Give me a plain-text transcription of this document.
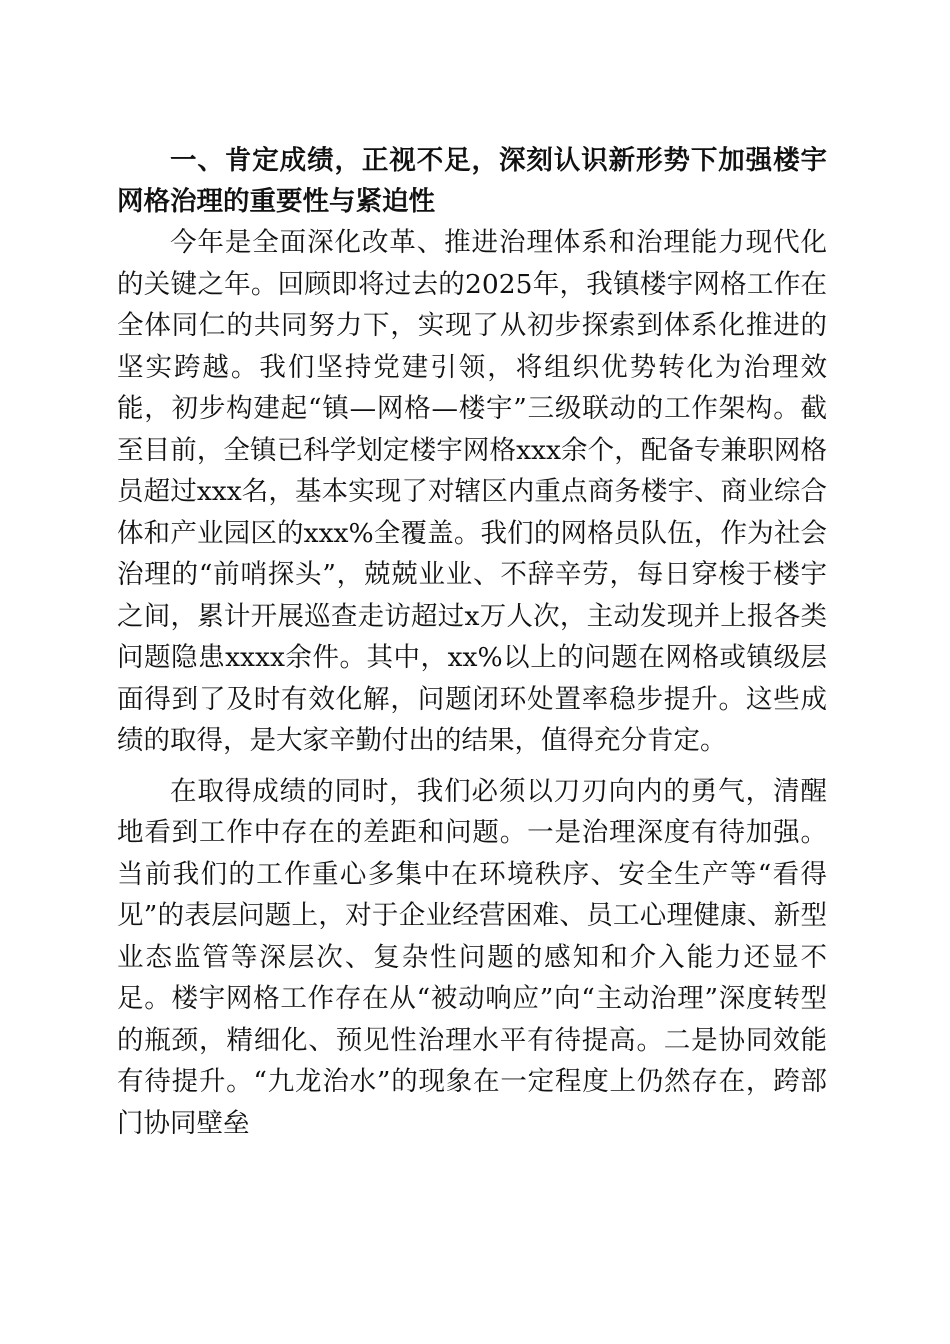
一、肯定成绩，正视不足，深刻认识新形势下加强楼宇网格治理的重要性与紧迫性

今年是全面深化改革、推进治理体系和治理能力现代化的关键之年。回顾即将过去的2025年，我镇楼宇网格工作在全体同仁的共同努力下，实现了从初步探索到体系化推进的坚实跨越。我们坚持党建引领，将组织优势转化为治理效能，初步构建起“镇—网格—楼宇”三级联动的工作架构。截至目前，全镇已科学划定楼宇网格xxx余个，配备专兼职网格员超过xxx名，基本实现了对辖区内重点商务楼宇、商业综合体和产业园区的xxx%全覆盖。我们的网格员队伍，作为社会治理的“前哨探头”，兢兢业业、不辞辛劳，每日穿梭于楼宇之间，累计开展巡查走访超过x万人次，主动发现并上报各类问题隐患xxxx余件。其中，xx%以上的问题在网格或镇级层面得到了及时有效化解，问题闭环处置率稳步提升。这些成绩的取得，是大家辛勤付出的结果，值得充分肯定。

在取得成绩的同时，我们必须以刀刃向内的勇气，清醒地看到工作中存在的差距和问题。一是治理深度有待加强。当前我们的工作重心多集中在环境秩序、安全生产等“看得见”的表层问题上，对于企业经营困难、员工心理健康、新型业态监管等深层次、复杂性问题的感知和介入能力还显不足。楼宇网格工作存在从“被动响应”向“主动治理”深度转型的瓶颈，精细化、预见性治理水平有待提高。二是协同效能有待提升。“九龙治水”的现象在一定程度上仍然存在，跨部门协同壁垒
